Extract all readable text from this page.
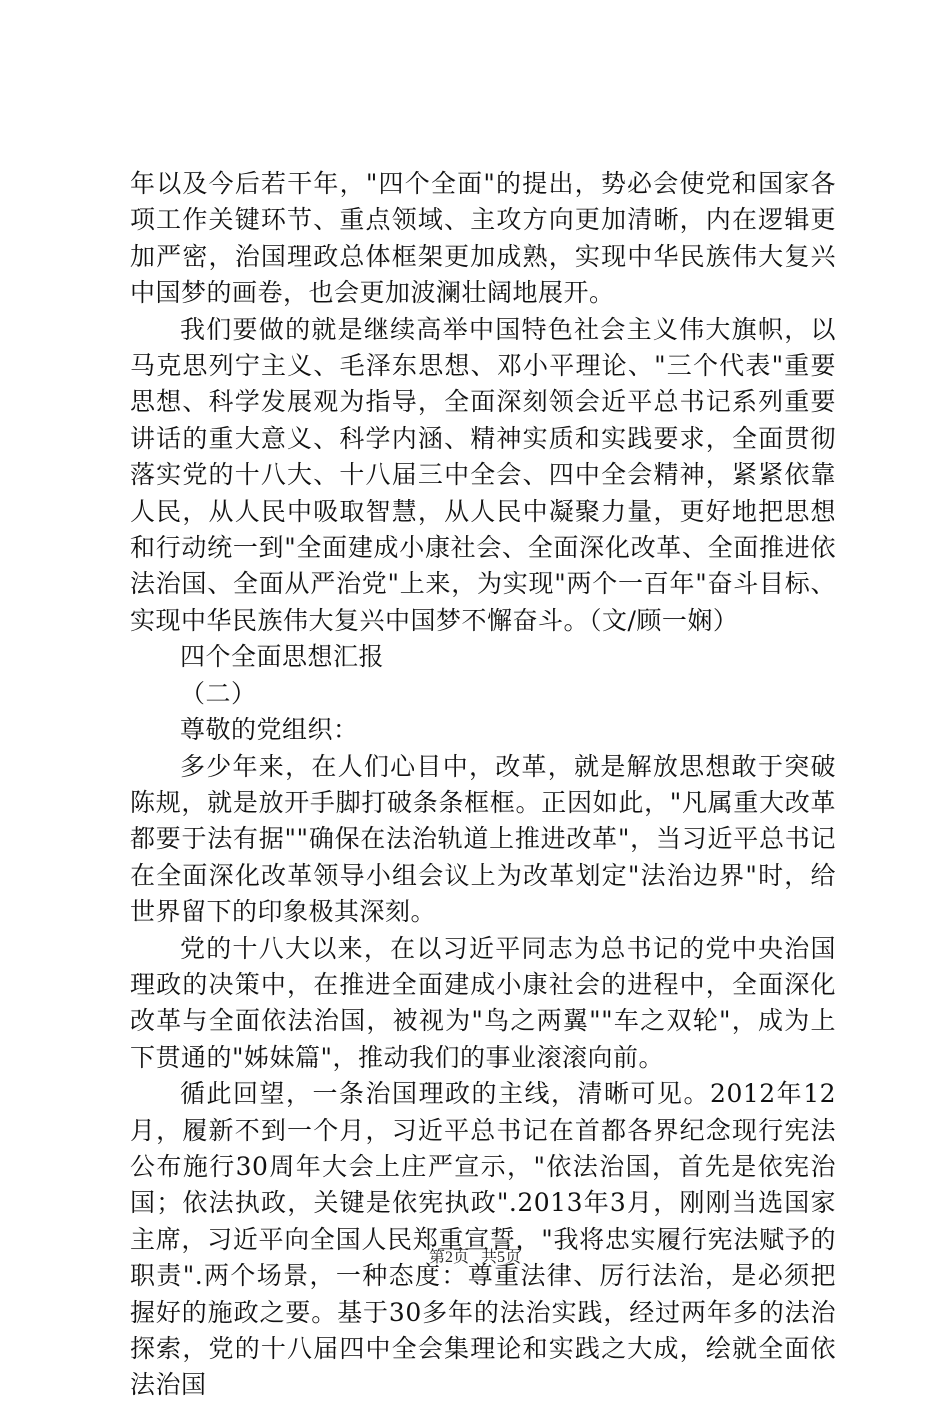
年以及今后若干年，"四个全面"的提出，势必会使党和国家各项工作关键环节、重点领域、主攻方向更加清晰，内在逻辑更加严密，治国理政总体框架更加成熟，实现中华民族伟大复兴中国梦的画卷，也会更加波澜壮阔地展开。

我们要做的就是继续高举中国特色社会主义伟大旗帜，以马克思列宁主义、毛泽东思想、邓小平理论、"三个代表"重要思想、科学发展观为指导，全面深刻领会近平总书记系列重要讲话的重大意义、科学内涵、精神实质和实践要求，全面贯彻落实党的十八大、十八届三中全会、四中全会精神，紧紧依靠人民，从人民中吸取智慧，从人民中凝聚力量，更好地把思想和行动统一到"全面建成小康社会、全面深化改革、全面推进依法治国、全面从严治党"上来，为实现"两个一百年"奋斗目标、实现中华民族伟大复兴中国梦不懈奋斗。（文/顾一娴）

四个全面思想汇报

（二）

尊敬的党组织：

多少年来，在人们心目中，改革，就是解放思想敢于突破陈规，就是放开手脚打破条条框框。正因如此，"凡属重大改革都要于法有据""确保在法治轨道上推进改革"，当习近平总书记在全面深化改革领导小组会议上为改革划定"法治边界"时，给世界留下的印象极其深刻。

党的十八大以来，在以习近平同志为总书记的党中央治国理政的决策中，在推进全面建成小康社会的进程中，全面深化改革与全面依法治国，被视为"鸟之两翼""车之双轮"，成为上下贯通的"姊妹篇"，推动我们的事业滚滚向前。

循此回望，一条治国理政的主线，清晰可见。2012年12月，履新不到一个月，习近平总书记在首都各界纪念现行宪法公布施行30周年大会上庄严宣示，"依法治国，首先是依宪治国；依法执政，关键是依宪执政".2013年3月，刚刚当选国家主席，习近平向全国人民郑重宣誓，"我将忠实履行宪法赋予的职责".两个场景，一种态度：尊重法律、厉行法治，是必须把握好的施政之要。基于30多年的法治实践，经过两年多的法治探索，党的十八届四中全会集理论和实践之大成，绘就全面依法治国

第2页 共5页
